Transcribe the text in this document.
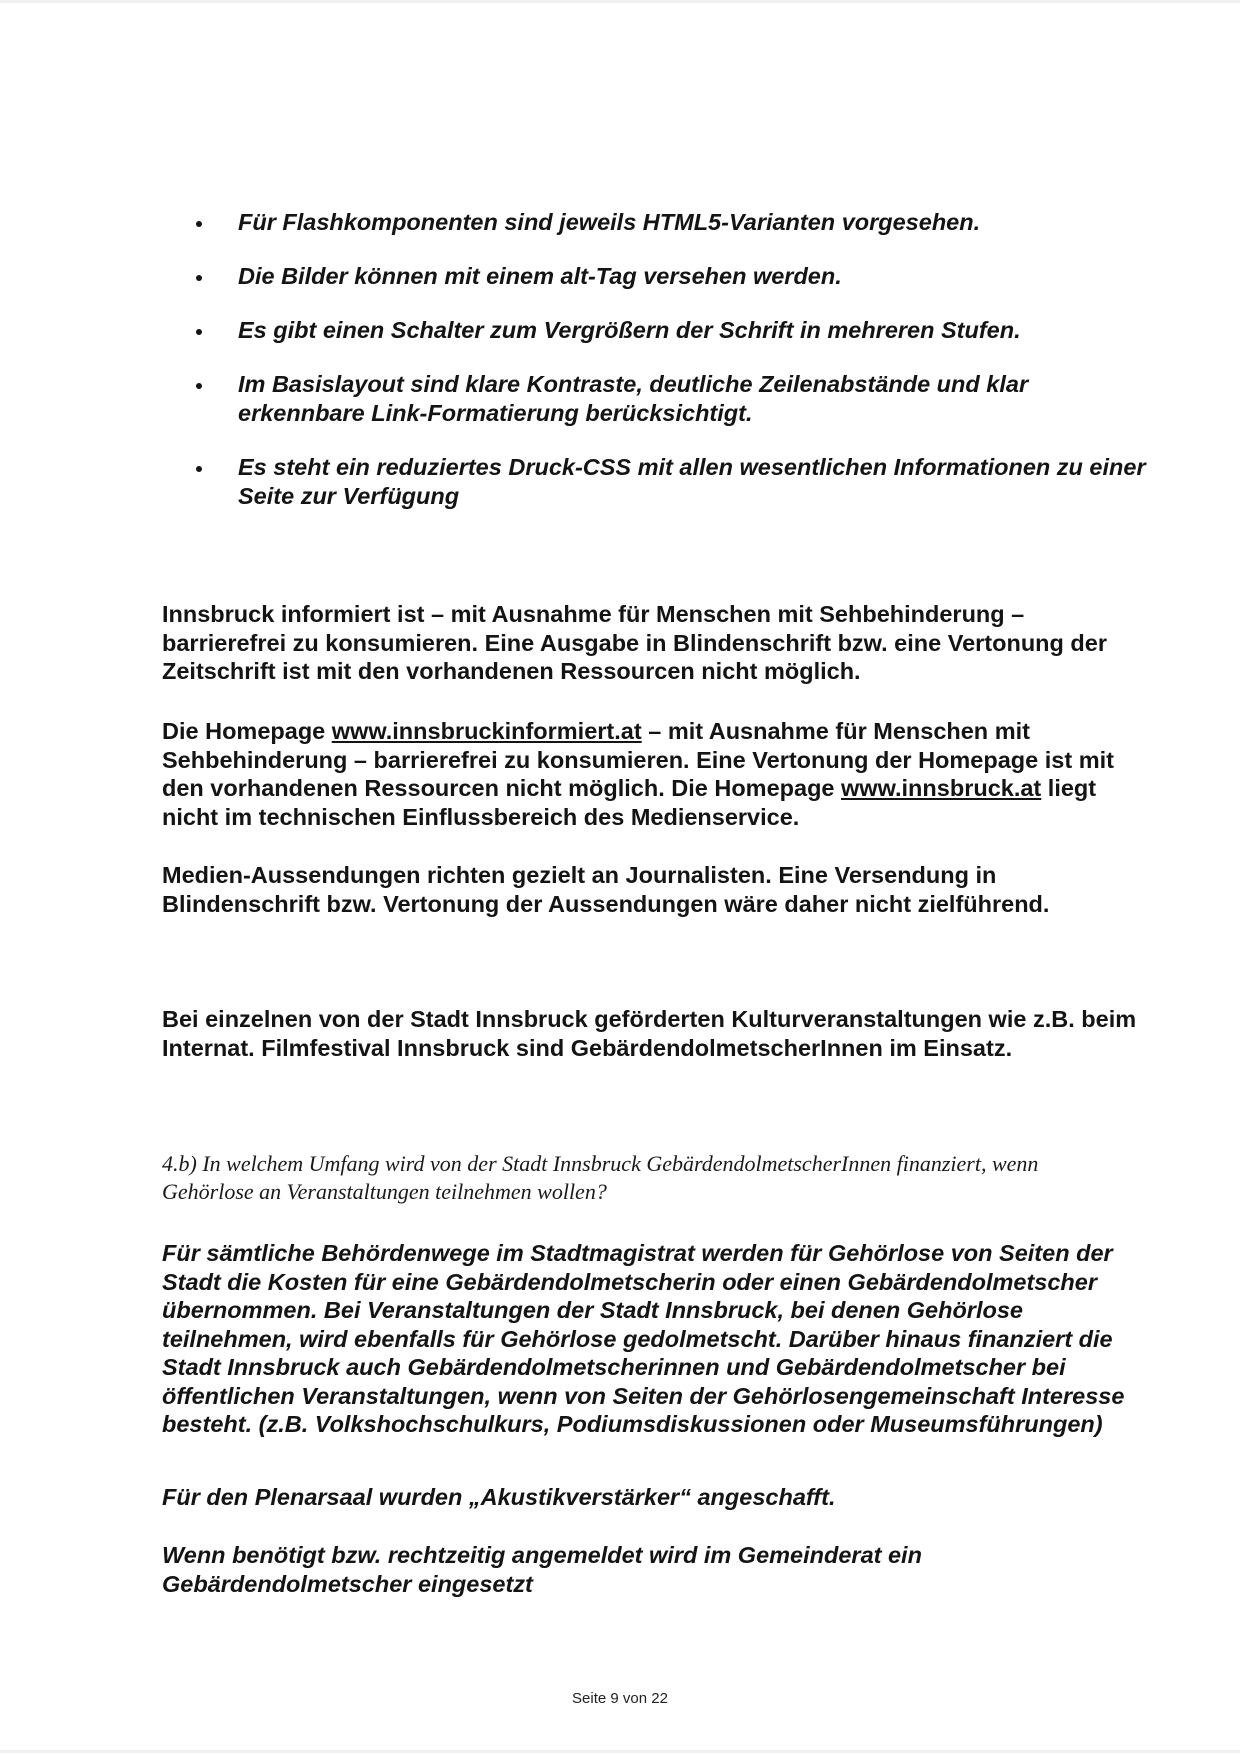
Für Flashkomponenten sind jeweils HTML5-Varianten vorgesehen.
Die Bilder können mit einem alt-Tag versehen werden.
Es gibt einen Schalter zum Vergrößern der Schrift in mehreren Stufen.
Im Basislayout sind klare Kontraste, deutliche Zeilenabstände und klar erkennbare Link-Formatierung berücksichtigt.
Es steht ein reduziertes Druck-CSS mit allen wesentlichen Informationen zu einer Seite zur Verfügung

Innsbruck informiert ist – mit Ausnahme für Menschen mit Sehbehinderung – barrierefrei zu konsumieren. Eine Ausgabe in Blindenschrift bzw. eine Vertonung der Zeitschrift ist mit den vorhandenen Ressourcen nicht möglich.

Die Homepage www.innsbruckinformiert.at – mit Ausnahme für Menschen mit Sehbehinderung – barrierefrei zu konsumieren. Eine Vertonung der Homepage ist mit den vorhandenen Ressourcen nicht möglich. Die Homepage www.innsbruck.at liegt nicht im technischen Einflussbereich des Medienservice.

Medien-Aussendungen richten gezielt an Journalisten. Eine Versendung in Blindenschrift bzw. Vertonung der Aussendungen wäre daher nicht zielführend.

Bei einzelnen von der Stadt Innsbruck geförderten Kulturveranstaltungen wie z.B. beim Internat. Filmfestival Innsbruck sind GebärdendolmetscherInnen im Einsatz.

4.b) In welchem Umfang wird von der Stadt Innsbruck GebärdendolmetscherInnen finanziert, wenn Gehörlose an Veranstaltungen teilnehmen wollen?

Für sämtliche Behördenwege im Stadtmagistrat werden für Gehörlose von Seiten der Stadt die Kosten für eine Gebärdendolmetscherin oder einen Gebärdendolmetscher übernommen. Bei Veranstaltungen der Stadt Innsbruck, bei denen Gehörlose teilnehmen, wird ebenfalls für Gehörlose gedolmetscht. Darüber hinaus finanziert die Stadt Innsbruck auch Gebärdendolmetscherinnen und Gebärdendolmetscher bei öffentlichen Veranstaltungen, wenn von Seiten der Gehörlosengemeinschaft Interesse besteht. (z.B. Volkshochschulkurs, Podiumsdiskussionen oder Museumsführungen)

Für den Plenarsaal wurden „Akustikverstärker“ angeschafft.

Wenn benötigt bzw. rechtzeitig angemeldet wird im Gemeinderat ein Gebärdendolmetscher eingesetzt

Seite 9 von 22
